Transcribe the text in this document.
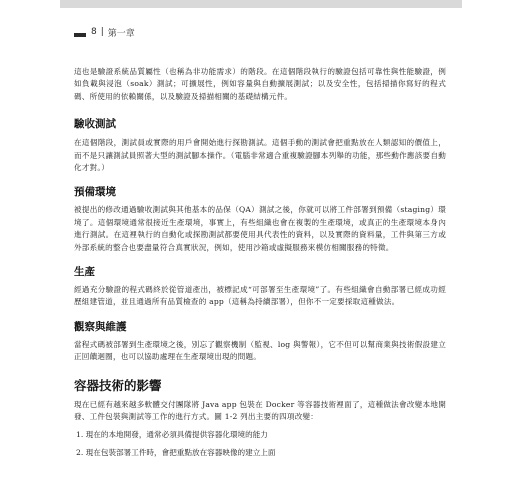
8 | 第一章

這也是驗證系統品質屬性（也稱為非功能需求）的階段。在這個階段執行的驗證包括可靠性與性能驗證，例如負載與浸泡（soak）測試；可擴展性，例如容量與自動擴展測試；以及安全性，包括掃描你寫好的程式碼、所使用的依賴關係，以及驗證及掃描相關的基礎結構元件。

驗收測試

在這個階段，測試員或實際的用戶會開始進行探勘測試。這個手動的測試會把重點放在人類認知的價值上，而不是只讓測試員照著大型的測試腳本操作。（電腦非常適合重複驗證腳本列舉的功能，那些動作應該要自動化才對。）

預備環境

被提出的修改通過驗收測試與其他基本的品保（QA）測試之後，你就可以將工件部署到預備（staging）環境了。這個環境通常很接近生產環境，事實上，有些組織也會在複製的生產環境，或真正的生產環境本身內進行測試。在這裡執行的自動化或探勘測試都要使用具代表性的資料，以及實際的資料量，工件與第三方或外部系統的整合也要盡量符合真實狀況，例如，使用沙箱或虛擬服務來模仿相關服務的特徵。

生產

經過充分驗證的程式碼終於從管道產出，被標記成“可部署至生產環境”了。有些組織會自動部署已經成功經歷組建管道，並且通過所有品質檢查的 app（這稱為持續部署），但你不一定要採取這種做法。

觀察與維護

當程式碼被部署到生產環境之後，別忘了觀察機制（監視、log 與警報），它不但可以幫商業與技術假設建立正回饋迴圈，也可以協助處理在生產環境出現的問題。

容器技術的影響

現在已經有越來越多軟體交付團隊將 Java app 包裝在 Docker 等容器技術裡面了，這種做法會改變本地開發、工件包裝與測試等工作的進行方式。圖 1-2 列出主要的四項改變：

1. 現在的本地開發，通常必須具備提供容器化環境的能力
2. 現在包裝部署工件時，會把重點放在容器映像的建立上面
